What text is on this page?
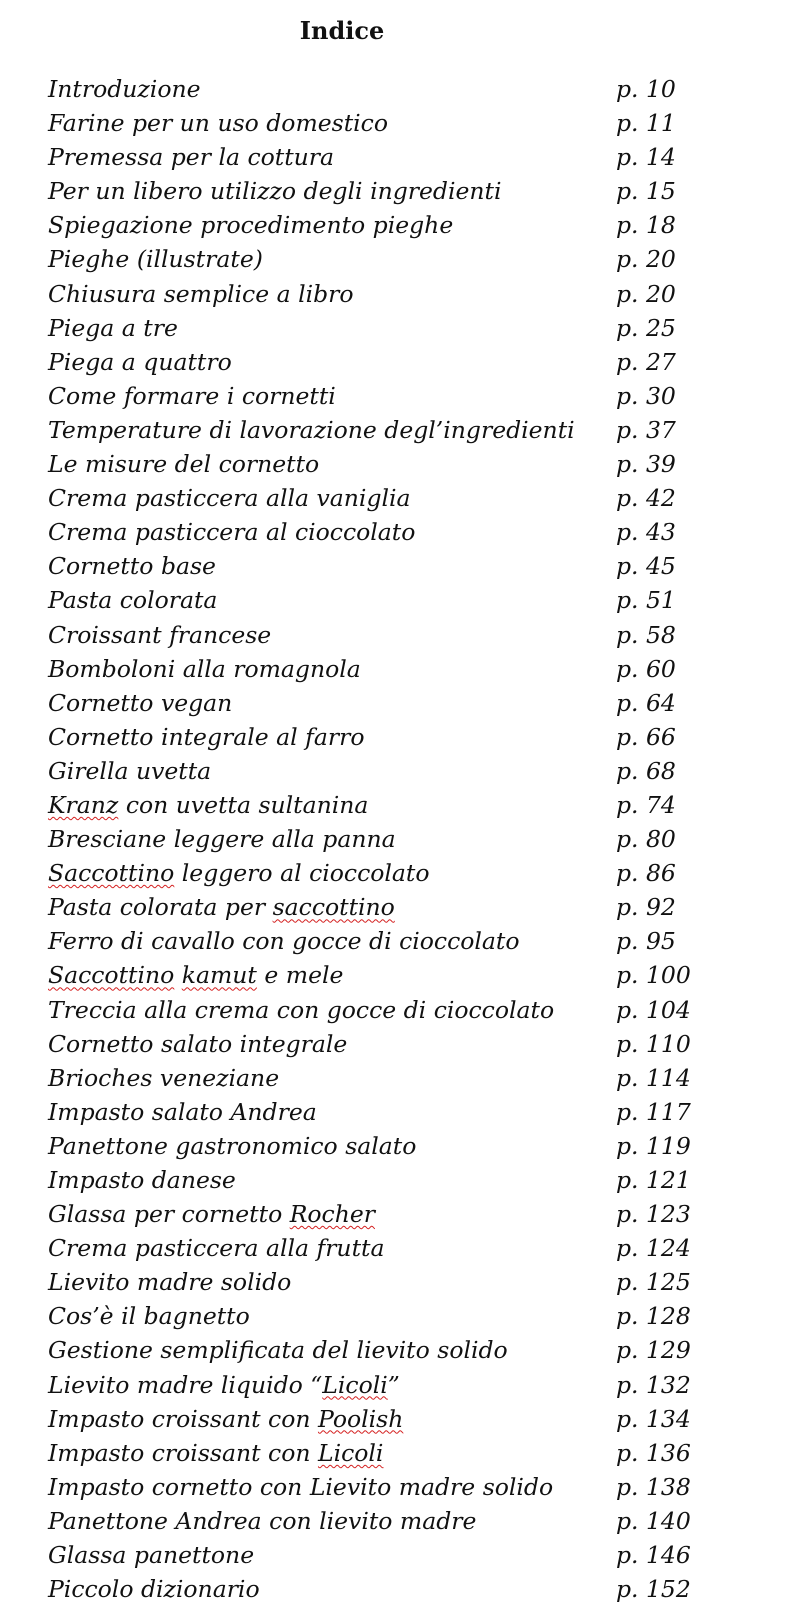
Indice
Introduzione	p. 10
Farine per un uso domestico	p. 11
Premessa per la cottura	p. 14
Per un libero utilizzo degli ingredienti	p. 15
Spiegazione procedimento pieghe	p. 18
Pieghe (illustrate)	p. 20
Chiusura semplice a libro	p. 20
Piega a tre	p. 25
Piega a quattro	p. 27
Come formare i cornetti	p. 30
Temperature di lavorazione degl’ingredienti p. 37
Le misure del cornetto	p. 39
Crema pasticcera alla vaniglia	p. 42
Crema pasticcera al cioccolato	p. 43
Cornetto base	p. 45
Pasta colorata	p. 51
Croissant francese	p. 58
Bomboloni alla romagnola	p. 60
Cornetto vegan	p. 64
Cornetto integrale al farro	p. 66
Girella uvetta	p. 68
Kranz con uvetta sultanina	p. 74
Bresciane leggere alla panna	p. 80
Saccottino leggero al cioccolato	p. 86
Pasta colorata per saccottino	p. 92
Ferro di cavallo con gocce di cioccolato	p. 95
Saccottino kamut e mele	p. 100
Treccia alla crema con gocce di cioccolato	p. 104
Cornetto salato integrale	p. 110
Brioches veneziane	p. 114
Impasto salato Andrea	p. 117
Panettone gastronomico salato	p. 119
Impasto danese	p. 121
Glassa per cornetto Rocher	p. 123
Crema pasticcera alla frutta	p. 124
Lievito madre solido	p. 125
Cos’è il bagnetto	p. 128
Gestione semplificata del lievito solido	p. 129
Lievito madre liquido “Licoli”	p. 132
Impasto croissant con Poolish	p. 134
Impasto croissant con Licoli	p. 136
Impasto cornetto con Lievito madre solido	p. 138
Panettone Andrea con lievito madre	p. 140
Glassa panettone	p. 146
Piccolo dizionario	p. 152
